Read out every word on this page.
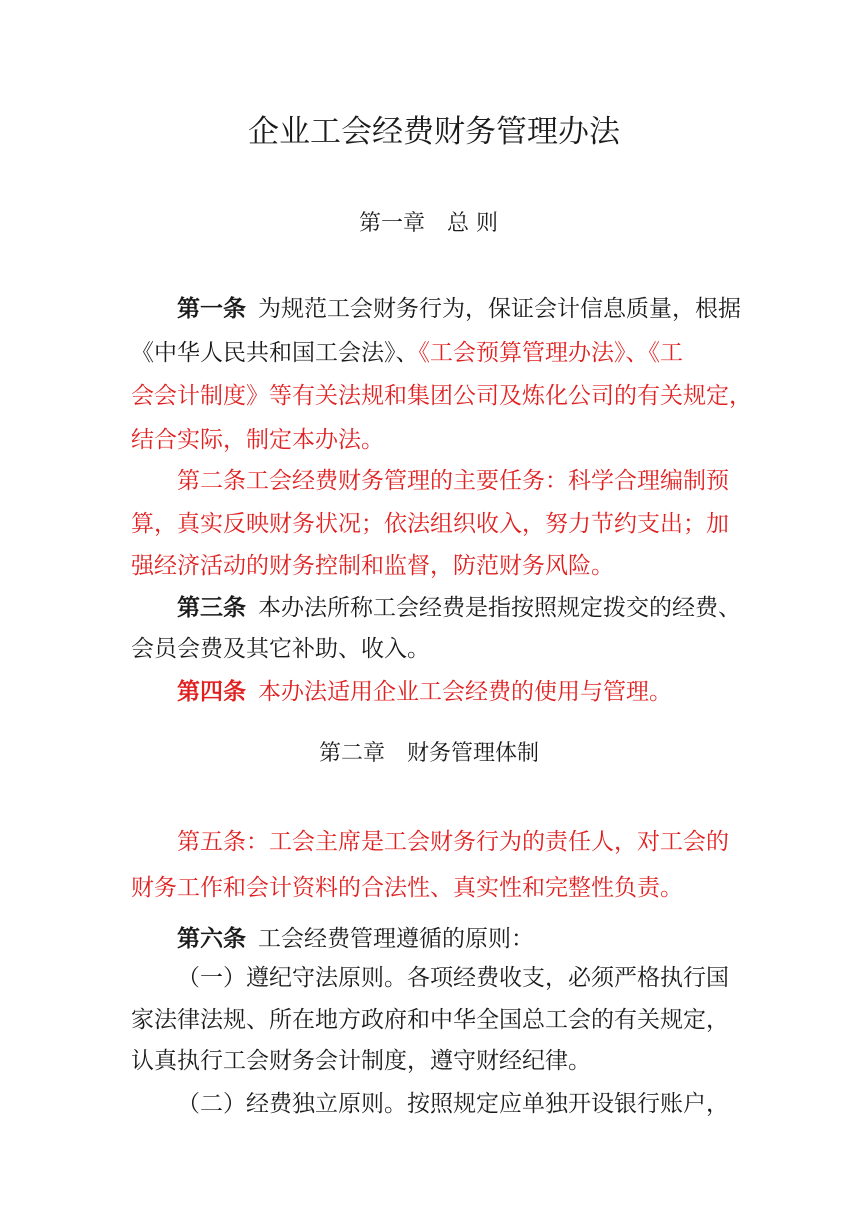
企业工会经费财务管理办法
第一章 总 则
第一条 为规范工会财务行为，保证会计信息质量，根据
《中华人民共和国工会法》、《工会预算管理办法》、《工
会会计制度》等有关法规和集团公司及炼化公司的有关规定，
结合实际，制定本办法。
第二条工会经费财务管理的主要任务：科学合理编制预
算，真实反映财务状况；依法组织收入，努力节约支出；加
强经济活动的财务控制和监督，防范财务风险。
第三条 本办法所称工会经费是指按照规定拨交的经费、
会员会费及其它补助、收入。
第四条 本办法适用企业工会经费的使用与管理。
第二章 财务管理体制
第五条：工会主席是工会财务行为的责任人，对工会的
财务工作和会计资料的合法性、真实性和完整性负责。
第六条 工会经费管理遵循的原则：
（一）遵纪守法原则。各项经费收支，必须严格执行国
家法律法规、所在地方政府和中华全国总工会的有关规定，
认真执行工会财务会计制度，遵守财经纪律。
（二）经费独立原则。按照规定应单独开设银行账户，
